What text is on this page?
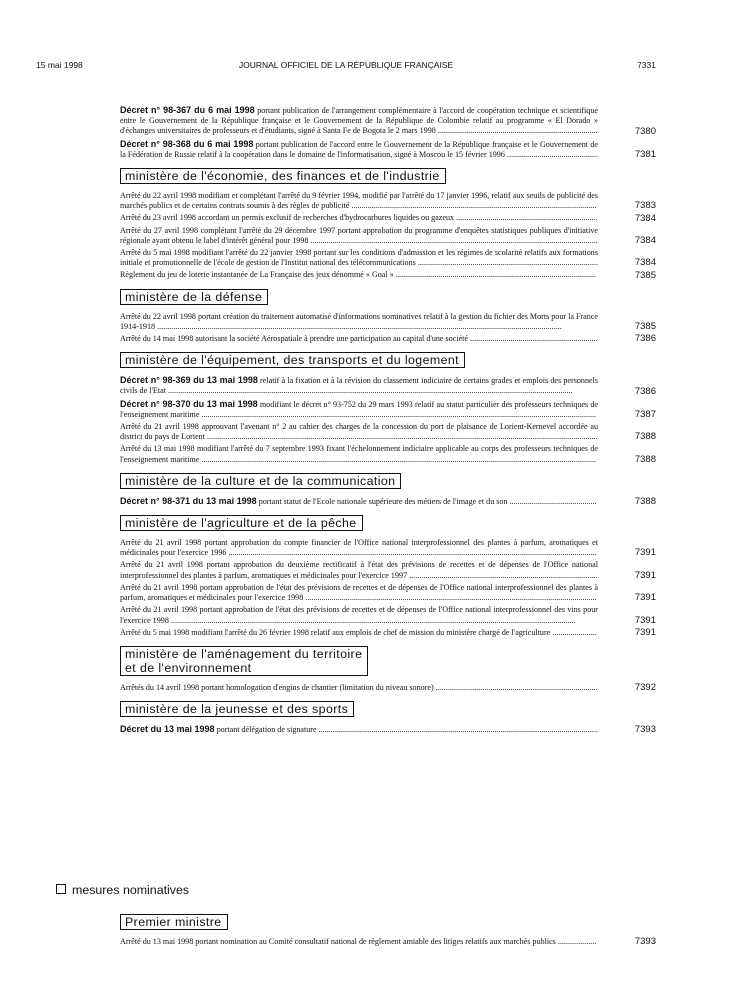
15 mai 1998	JOURNAL OFFICIEL DE LA RÉPUBLIQUE FRANÇAISE	7331
Décret n° 98-367 du 6 mai 1998 portant publication de l'arrangement complémentaire à l'accord de coopération technique et scientifique entre le Gouvernement de la République française et le Gouvernement de la République de Colombie relatif au programme « El Dorado » d'échanges universitaires de professeurs et d'étudiants, signé à Santa Fe de Bogota le 2 mars 1998 ...............................................................................	7380
Décret n° 98-368 du 6 mai 1998 portant publication de l'accord entre le Gouvernement de la République française et le Gouvernement de la Fédération de Russie relatif à la coopération dans le domaine de l'informatisation, signé à Moscou le 15 février 1996 .............................................	7381
ministère de l'économie, des finances et de l'industrie
Arrêté du 22 avril 1998 modifiant et complétant l'arrêté du 9 février 1994, modifié par l'arrêté du 17 janvier 1996, relatif aux seuils de publicité des marchés publics et de certains contrats soumis à des règles de publicité .........................................................................................................................	7383
Arrêté du 23 avril 1998 accordant un permis exclusif de recherches d'hydrocarbures liquides ou gazeux ......................................................................	7384
Arrêté du 27 avril 1998 complétant l'arrêté du 29 décembre 1997 portant approbation du programme d'enquêtes statistiques publiques d'initiative régionale ayant obtenu le label d'intérêt général pour 1998 ..............................................................................................................................................	7384
Arrêté du 5 mai 1998 modifiant l'arrêté du 22 janvier 1998 portant sur les conditions d'admission et les régimes de scolarité relatifs aux formations initiale et promotionnelle de l'école de gestion de l'Institut national des télécommunications .........................................................................................	7384
Règlement du jeu de loterie instantanée de La Française des jeux dénommé « Goal » ...................................................................................................	7385
ministère de la défense
Arrêté du 22 avril 1998 portant création du traitement automatisé d'informations nominatives relatif à la gestion du fichier des Morts pour la France 1914-1918 ........................................................................................................................................................................................................	7385
Arrêté du 14 mai 1998 autorisant la société Aérospatiale à prendre une participation au capital d'une société ...............................................................	7386
ministère de l'équipement, des transports et du logement
Décret n° 98-369 du 13 mai 1998 relatif à la fixation et à la révision du classement indiciaire de certains grades et emplois des personnels civils de l'Etat ........................................................................................................................................................................................................	7386
Décret n° 98-370 du 13 mai 1998 modifiant le décret n° 93-752 du 29 mars 1993 relatif au statut particulier des professeurs techniques de l'enseignement maritime ...................................................................................................................................................................................................	7387
Arrêté du 21 avril 1998 approuvant l'avenant n° 2 au cahier des charges de la concession du port de plaisance de Lorient-Kernevel accordée au district du pays de Lorient .................................................................................................................................................................................................	7388
Arrêté du 13 mai 1998 modifiant l'arrêté du 7 septembre 1993 fixant l'échelonnement indiciaire applicable au corps des professeurs techniques de l'enseignement maritime ...................................................................................................................................................................................................	7388
ministère de la culture et de la communication
Décret n° 98-371 du 13 mai 1998 portant statut de l'Ecole nationale supérieure des métiers de l'image et du son ...........................................	7388
ministère de l'agriculture et de la pêche
Arrêté du 21 avril 1998 portant approbation du compte financier de l'Office national interprofessionnel des plantes à parfum, aromatiques et médicinales pour l'exercice 1996 ......................................................................................................................................................................................	7391
Arrêté du 21 avril 1998 portant approbation du deuxième rectificatif à l'état des prévisions de recettes et de dépenses de l'Office national interprofessionnel des plantes à parfum, aromatiques et médicinales pour l'exercice 1997 .............................................................................................	7391
Arrêté du 21 avril 1998 portant approbation de l'état des prévisions de recettes et de dépenses de l'Office national interprofessionnel des plantes à parfum, aromatiques et médicinales pour l'exercice 1998 ................................................................................................................................................	7391
Arrêté du 21 avril 1998 portant approbation de l'état des prévisions de recettes et de dépenses de l'Office national interprofessionnel des vins pour l'exercice 1998 ........................................................................................................................................................................................................	7391
Arrêté du 5 mai 1998 modifiant l'arrêté du 26 février 1998 relatif aux emplois de chef de mission du ministère chargé de l'agriculture ......................	7391
ministère de l'aménagement du territoire
et de l'environnement
Arrêtés du 14 avril 1998 portant homologation d'engins de chantier (limitation du niveau sonore) ................................................................................	7392
ministère de la jeunesse et des sports
Décret du 13 mai 1998 portant délégation de signature ..........................................................................................................................................	7393
mesures nominatives
Premier ministre
Arrêté du 13 mai 1998 portant nomination au Comité consultatif national de règlement amiable des litiges relatifs aux marchés publics ...................	7393
